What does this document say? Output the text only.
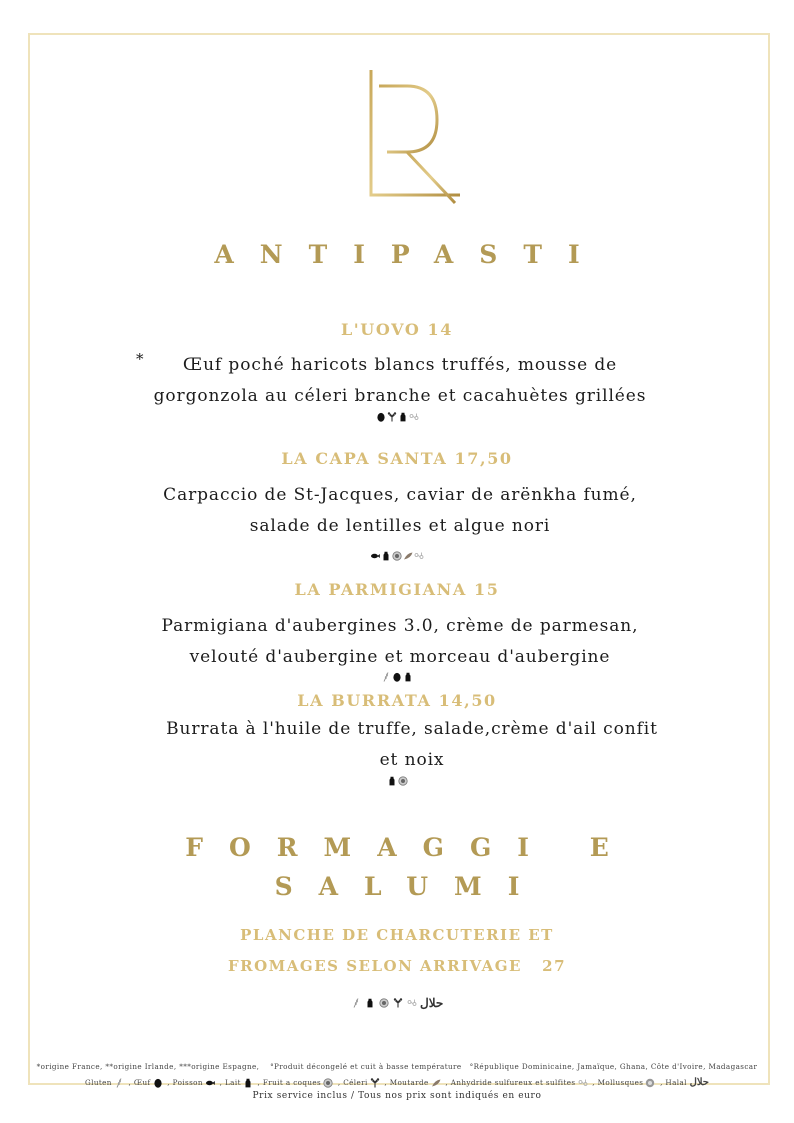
ANTIPASTI
L'UOVO 14
*	Œuf poché haricots blancs truffés, mousse de
gorgonzola au céleri branche et cacahuètes grillées
LA CAPA SANTA 17,50
Carpaccio de St-Jacques, caviar de arënkha fumé,
salade de lentilles et algue nori
LA PARMIGIANA 15
Parmigiana d'aubergines 3.0, crème de parmesan,
velouté d'aubergine et morceau d'aubergine
LA BURRATA 14,50
Burrata à l'huile de truffe, salade,crème d'ail confit
et noix
FORMAGGI E
SALUMI
PLANCHE DE CHARCUTERIE ET
FROMAGES SELON ARRIVAGE   27
حلال
*origine France, **origine Irlande, ***origine Espagne, °Produit décongelé et cuit à basse température °République Dominicaine, Jamaïque, Ghana, Côte d'Ivoire, Madagascar
Gluten , Œuf , Poisson , Lait , Fruit a coques , Céleri , Moutarde , Anhydride sulfureux et sulfites , Mollusques , Halal حلال
Prix service inclus / Tous nos prix sont indiqués en euro
